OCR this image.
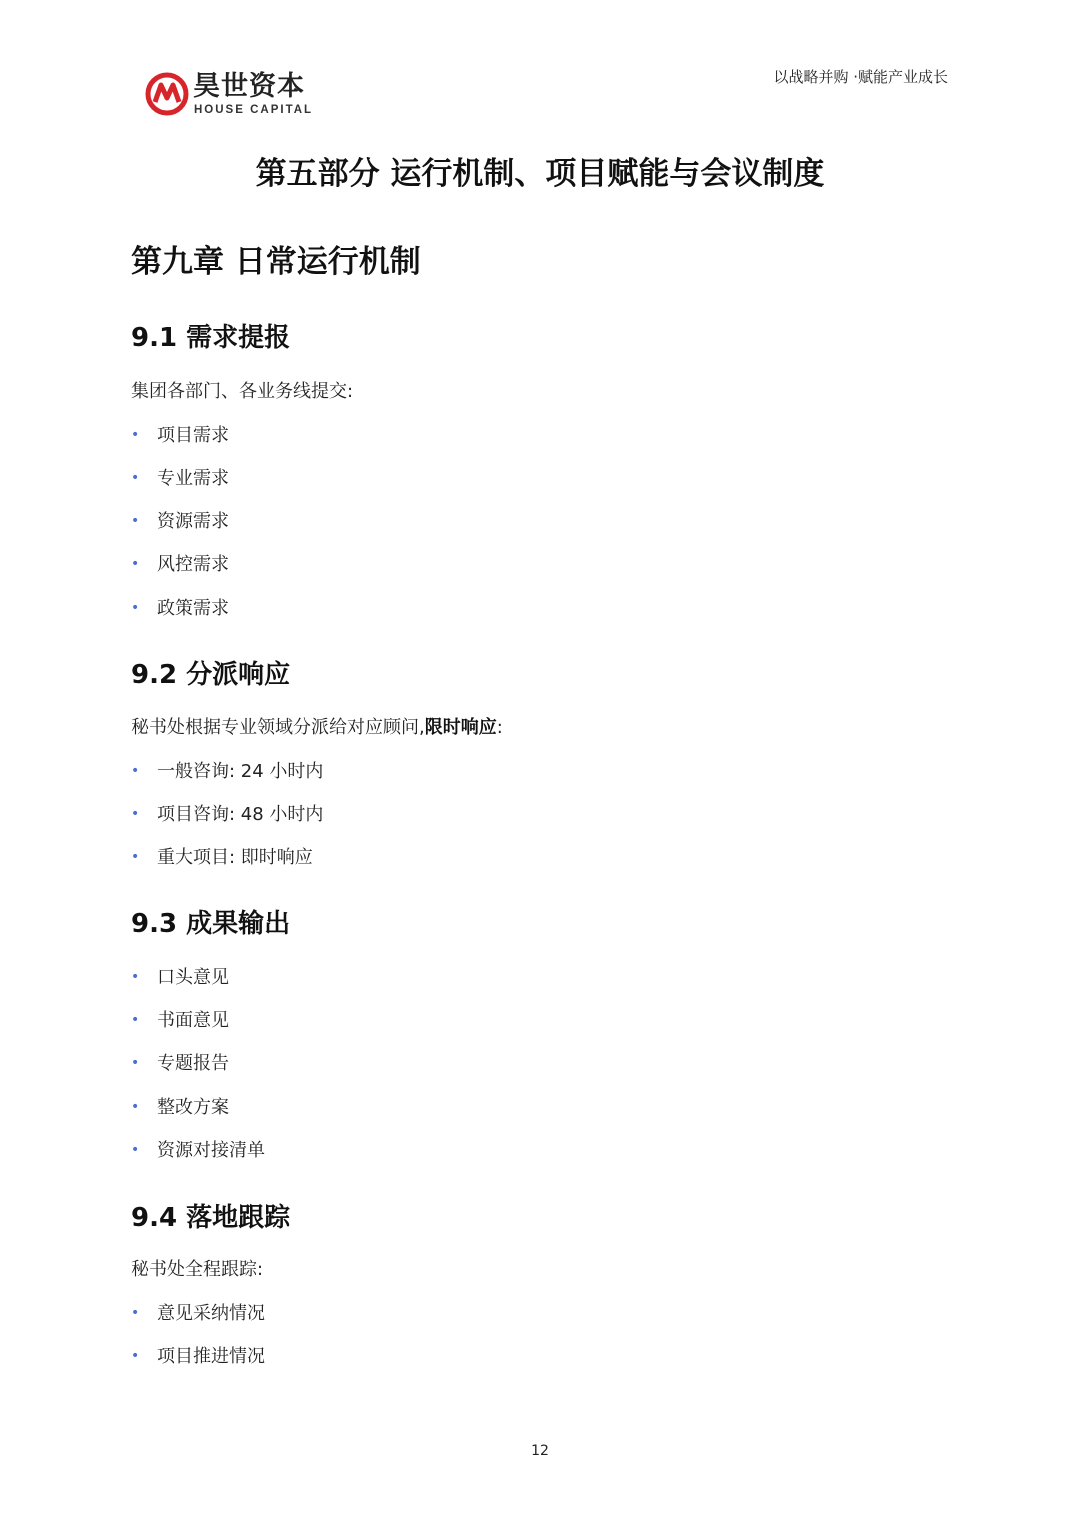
昊世资本
HOUSE CAPITAL
以战略并购 ·赋能产业成长
第五部分 运行机制、项目赋能与会议制度
第九章 日常运行机制
9.1 需求提报
集团各部门、各业务线提交:
• 项目需求
• 专业需求
• 资源需求
• 风控需求
• 政策需求
9.2 分派响应
秘书处根据专业领域分派给对应顾问,限时响应:
• 一般咨询: 24 小时内
• 项目咨询: 48 小时内
• 重大项目: 即时响应
9.3 成果输出
• 口头意见
• 书面意见
• 专题报告
• 整改方案
• 资源对接清单
9.4 落地跟踪
秘书处全程跟踪:
• 意见采纳情况
• 项目推进情况
12
